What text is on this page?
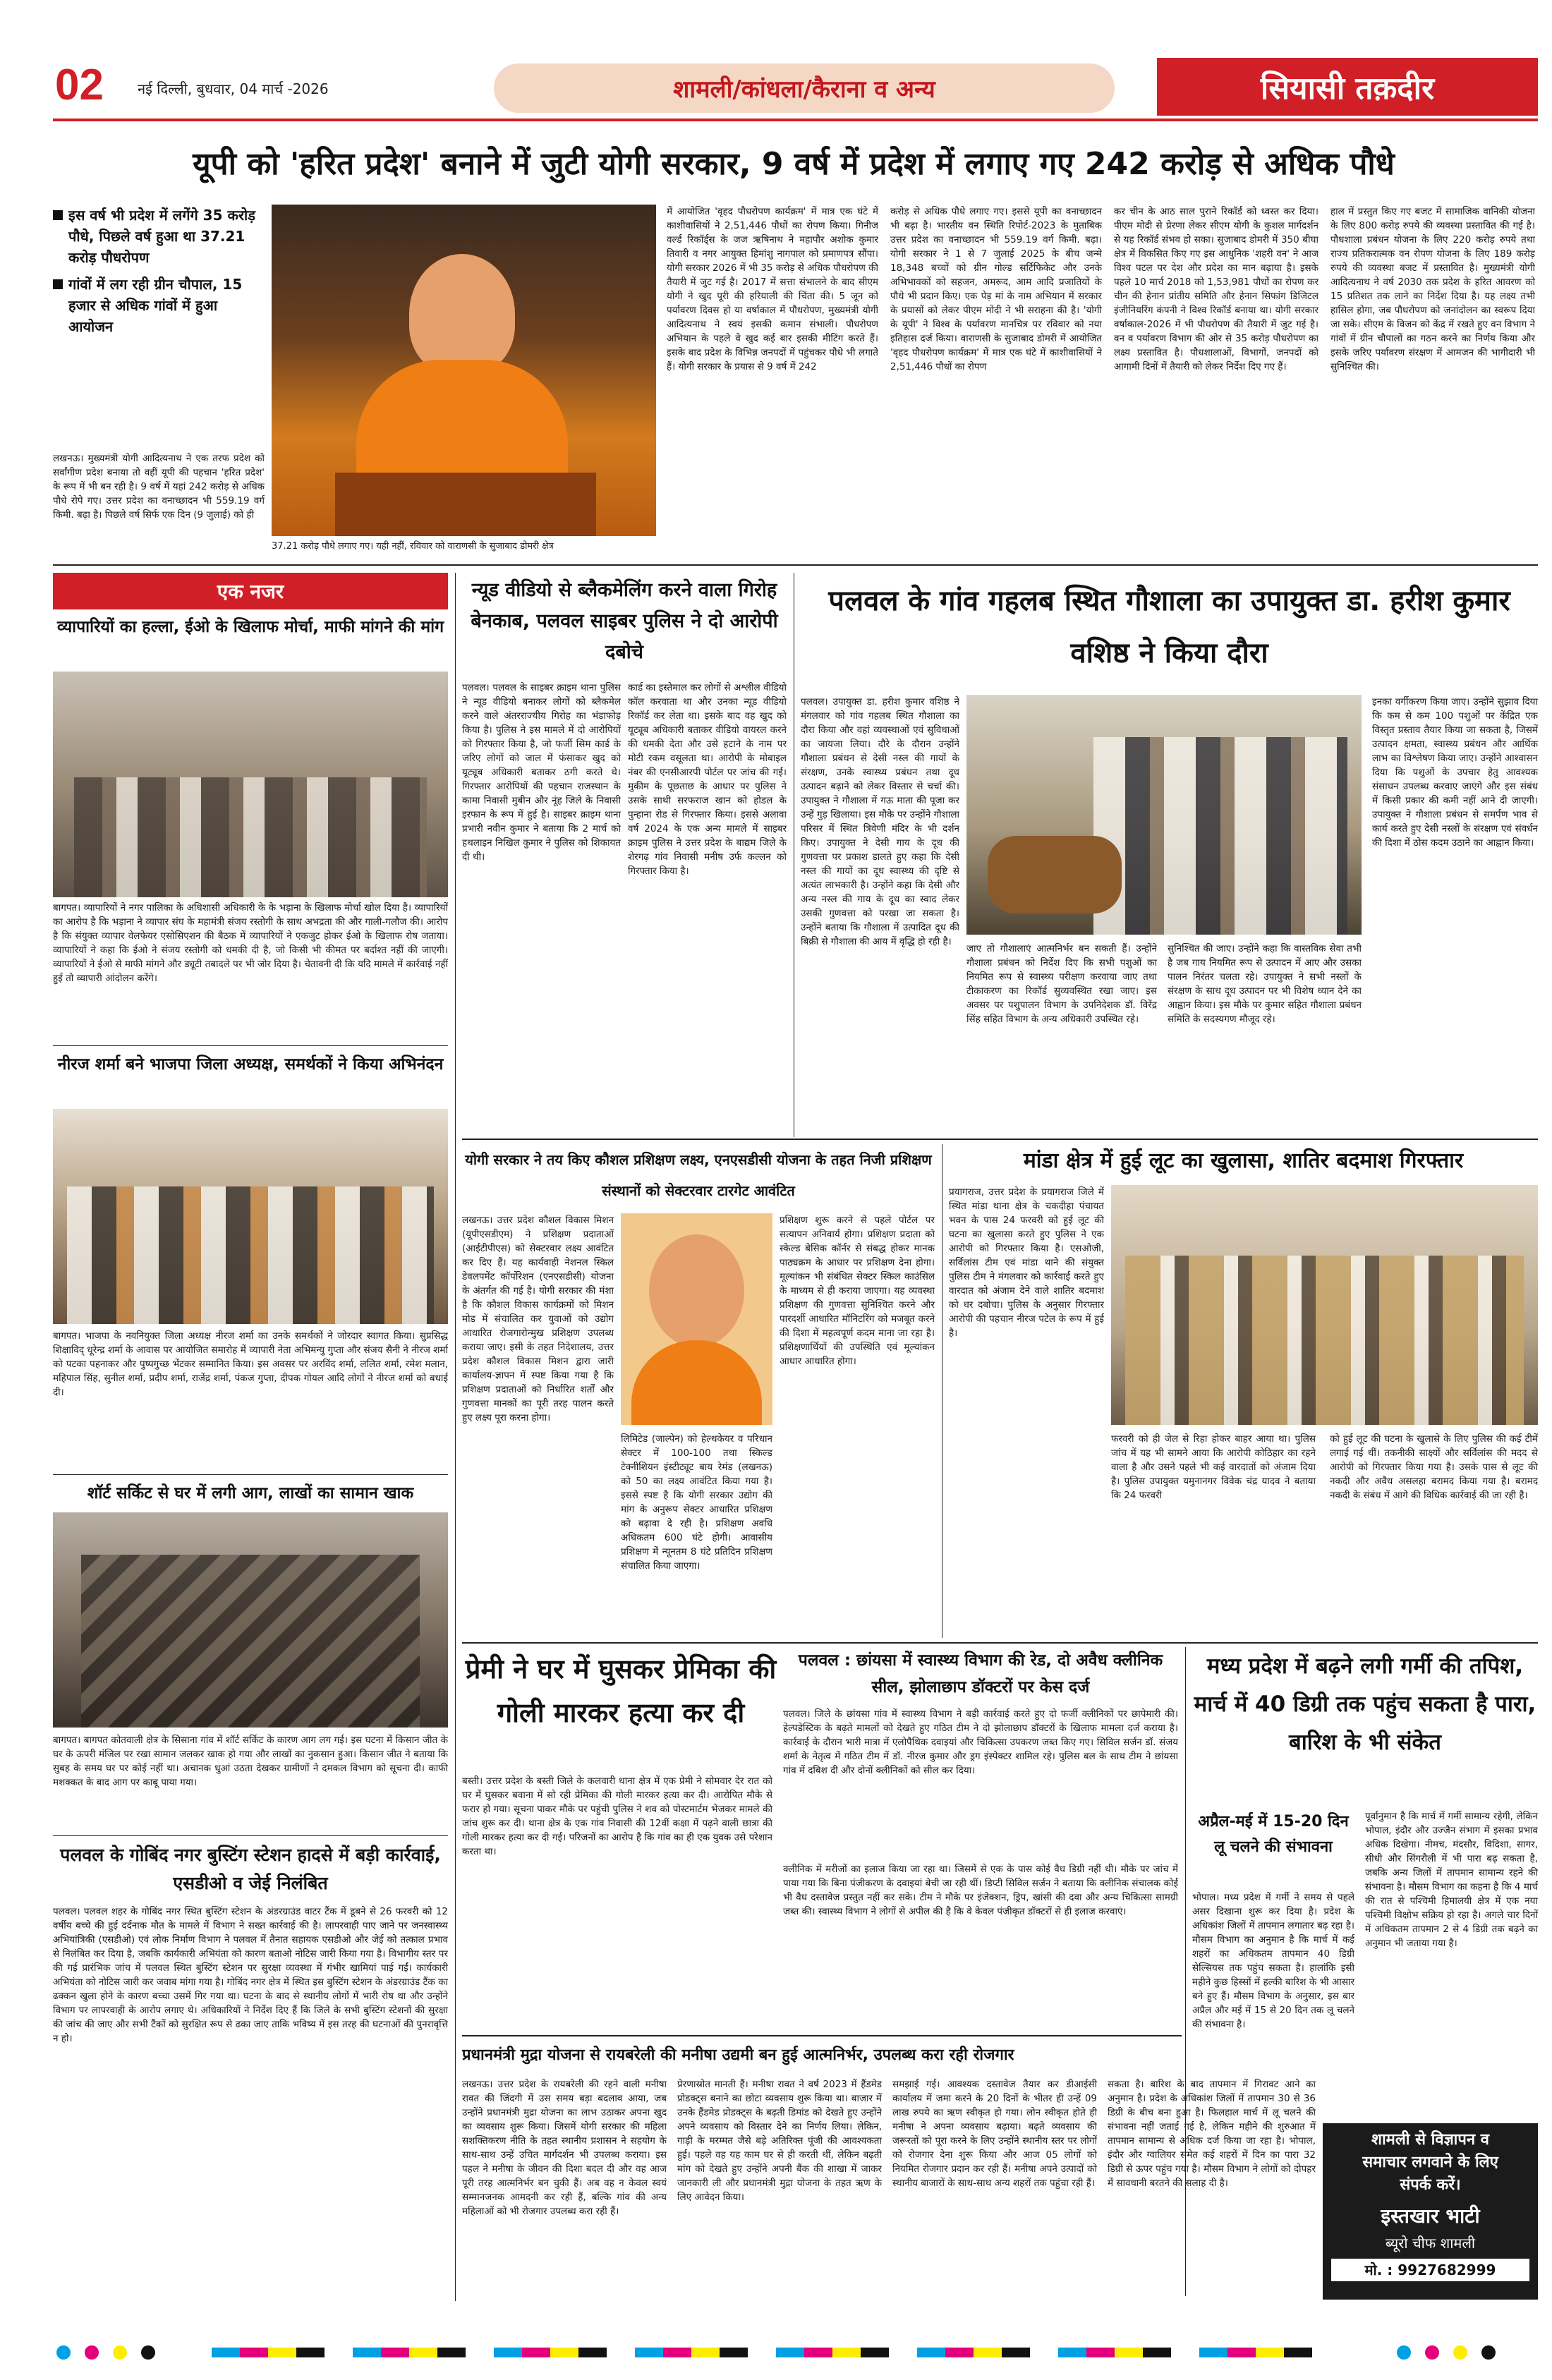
02 नई दिल्ली, बुधवार, 04 मार्च -2026	शामली/कांधला/कैराना व अन्य	सियासी तक़दीर
यूपी को 'हरित प्रदेश' बनाने में जुटी योगी सरकार, 9 वर्ष में प्रदेश में लगाए गए 242 करोड़ से अधिक पौधे
इस वर्ष भी प्रदेश में लगेंगे 35 करोड़ पौधे, पिछले वर्ष हुआ था 37.21 करोड़ पौधरोपण
गांवों में लग रही ग्रीन चौपाल, 15 हजार से अधिक गांवों में हुआ आयोजन
लखनऊ। मुख्यमंत्री योगी आदित्यनाथ ने एक तरफ प्रदेश को सर्वांगीण प्रदेश बनाया तो वहीं यूपी की पहचान 'हरित प्रदेश' के रूप में भी बन रही है। 9 वर्ष में यहां 242 करोड़ से अधिक पौधे रोपे गए। उत्तर प्रदेश का वनाच्छादन भी 559.19 वर्ग किमी. बढ़ा है। पिछले वर्ष सिर्फ एक दिन (9 जुलाई) को ही
37.21 करोड़ पौधे लगाए गए। यही नहीं, रविवार को वाराणसी के सुजाबाद डोमरी क्षेत्र
में आयोजित 'वृहद पौधरोपण कार्यक्रम' में मात्र एक घंटे में काशीवासियों ने 2,51,446 पौधों का रोपण किया। गिनीज वर्ल्ड रिकॉर्ड्स के जज ऋषिनाथ ने महापौर अशोक कुमार तिवारी व नगर आयुक्त हिमांशु नागपाल को प्रमाणपत्र सौंपा। योगी सरकार 2026 में भी 35 करोड़ से अधिक पौधरोपण की तैयारी में जुट गई है। 2017 में सत्ता संभालने के बाद सीएम योगी ने खुद पूरी की हरियाली की चिंता की। 5 जून को पर्यावरण दिवस हो या वर्षाकाल में पौधरोपण, मुख्यमंत्री योगी आदित्यनाथ ने स्वयं इसकी कमान संभाली। पौधरोपण अभियान के पहले वे खुद कई बार इसकी मीटिंग करते हैं। इसके बाद प्रदेश के विभिन्न जनपदों में पहुंचकर पौधे भी लगाते हैं। योगी सरकार के प्रयास से 9 वर्ष में 242
करोड़ से अधिक पौधे लगाए गए। इससे यूपी का वनाच्छादन भी बढ़ा है। भारतीय वन स्थिति रिपोर्ट-2023 के मुताबिक उत्तर प्रदेश का वनाच्छादन भी 559.19 वर्ग किमी. बढ़ा। योगी सरकार ने 1 से 7 जुलाई 2025 के बीच जन्मे 18,348 बच्चों को ग्रीन गोल्ड सर्टिफिकेट और उनके अभिभावकों को सहजन, अमरूद, आम आदि प्रजातियों के पौधे भी प्रदान किए। एक पेड़ मां के नाम अभियान में सरकार के प्रयासों को लेकर पीएम मोदी ने भी सराहना की है। 'योगी के यूपी' ने विश्व के पर्यावरण मानचित्र पर रविवार को नया इतिहास दर्ज किया। वाराणसी के सुजाबाद डोमरी में आयोजित 'वृहद पौधरोपण कार्यक्रम' में मात्र एक घंटे में काशीवासियों ने 2,51,446 पौधों का रोपण
कर चीन के आठ साल पुराने रिकॉर्ड को ध्वस्त कर दिया। पीएम मोदी से प्रेरणा लेकर सीएम योगी के कुशल मार्गदर्शन से यह रिकॉर्ड संभव हो सका। सुजाबाद डोमरी में 350 बीघा क्षेत्र में विकसित किए गए इस आधुनिक 'शहरी वन' ने आज विश्व पटल पर देश और प्रदेश का मान बढ़ाया है। इसके पहले 10 मार्च 2018 को 1,53,981 पौधों का रोपण कर चीन की हेनान प्रांतीय समिति और हेनान सिफांग डिजिटल इंजीनियरिंग कंपनी ने विश्व रिकॉर्ड बनाया था। योगी सरकार वर्षाकाल-2026 में भी पौधरोपण की तैयारी में जुट गई है। वन व पर्यावरण विभाग की ओर से 35 करोड़ पौधरोपण का लक्ष्य प्रस्तावित है। पौधशालाओं, विभागों, जनपदों को आगामी दिनों में तैयारी को लेकर निर्देश दिए गए हैं।
हाल में प्रस्तुत किए गए बजट में सामाजिक वानिकी योजना के लिए 800 करोड़ रुपये की व्यवस्था प्रस्तावित की गई है। पौधशाला प्रबंधन योजना के लिए 220 करोड़ रुपये तथा राज्य प्रतिकरात्मक वन रोपण योजना के लिए 189 करोड़ रुपये की व्यवस्था बजट में प्रस्तावित है। मुख्यमंत्री योगी आदित्यनाथ ने वर्ष 2030 तक प्रदेश के हरित आवरण को 15 प्रतिशत तक लाने का निर्देश दिया है। यह लक्ष्य तभी हासिल होगा, जब पौधरोपण को जनांदोलन का स्वरूप दिया जा सके। सीएम के विजन को केंद्र में रखते हुए वन विभाग ने गांवों में ग्रीन चौपालों का गठन करने का निर्णय किया और इसके जरिए पर्यावरण संरक्षण में आमजन की भागीदारी भी सुनिश्चित की।
एक नजर
व्यापारियों का हल्ला, ईओ के खिलाफ मोर्चा, माफी मांगने की मांग
बागपत। व्यापारियों ने नगर पालिका के अधिशासी अधिकारी के के भड़ाना के खिलाफ मोर्चा खोल दिया है। व्यापारियों का आरोप है कि भड़ाना ने व्यापार संघ के महामंत्री संजय रस्तोगी के साथ अभद्रता की और गाली-गलौज की। आरोप है कि संयुक्त व्यापार वेलफेयर एसोसिएशन की बैठक में व्यापारियों ने एकजुट होकर ईओ के खिलाफ रोष जताया। व्यापारियों ने कहा कि ईओ ने संजय रस्तोगी को धमकी दी है, जो किसी भी कीमत पर बर्दाश्त नहीं की जाएगी। व्यापारियों ने ईओ से माफी मांगने और ड्यूटी तबादले पर भी जोर दिया है। चेतावनी दी कि यदि मामले में कार्रवाई नहीं हुई तो व्यापारी आंदोलन करेंगे।
नीरज शर्मा बने भाजपा जिला अध्यक्ष, समर्थकों ने किया अभिनंदन
बागपत। भाजपा के नवनियुक्त जिला अध्यक्ष नीरज शर्मा का उनके समर्थकों ने जोरदार स्वागत किया। सुप्रसिद्ध शिक्षाविद् धूरेन्द्र शर्मा के आवास पर आयोजित समारोह में व्यापारी नेता अभिमन्यु गुप्ता और संजय सैनी ने नीरज शर्मा को पटका पहनाकर और पुष्पगुच्छ भेंटकर सम्मानित किया। इस अवसर पर अरविंद शर्मा, ललित शर्मा, रमेश मलान, महिपाल सिंह, सुनील शर्मा, प्रदीप शर्मा, राजेंद्र शर्मा, पंकज गुप्ता, दीपक गोयल आदि लोगों ने नीरज शर्मा को बधाई दी।
शॉर्ट सर्किट से घर में लगी आग, लाखों का सामान खाक
बागपत। बागपत कोतवाली क्षेत्र के सिसाना गांव में शॉर्ट सर्किट के कारण आग लग गई। इस घटना में किसान जीत के घर के ऊपरी मंजिल पर रखा सामान जलकर खाक हो गया और लाखों का नुकसान हुआ। किसान जीत ने बताया कि सुबह के समय घर पर कोई नहीं था। अचानक धुआं उठता देखकर ग्रामीणों ने दमकल विभाग को सूचना दी। काफी मशक्कत के बाद आग पर काबू पाया गया।
पलवल के गोबिंद नगर बुस्टिंग स्टेशन हादसे में बड़ी कार्रवाई, एसडीओ व जेई निलंबित
पलवल। पलवल शहर के गोबिंद नगर स्थित बुस्टिंग स्टेशन के अंडरग्राउंड वाटर टैंक में डूबने से 26 फरवरी को 12 वर्षीय बच्चे की हुई दर्दनाक मौत के मामले में विभाग ने सख्त कार्रवाई की है। लापरवाही पाए जाने पर जनस्वास्थ्य अभियांत्रिकी (एसडीओ) एवं लोक निर्माण विभाग ने पलवल में तैनात सहायक एसडीओ और जेई को तत्काल प्रभाव से निलंबित कर दिया है, जबकि कार्यकारी अभियंता को कारण बताओ नोटिस जारी किया गया है। विभागीय स्तर पर की गई प्रारंभिक जांच में पलवल स्थित बुस्टिंग स्टेशन पर सुरक्षा व्यवस्था में गंभीर खामियां पाई गईं। कार्यकारी अभियंता को नोटिस जारी कर जवाब मांगा गया है। गोबिंद नगर क्षेत्र में स्थित इस बुस्टिंग स्टेशन के अंडरग्राउंड टैंक का ढक्कन खुला होने के कारण बच्चा उसमें गिर गया था। घटना के बाद से स्थानीय लोगों में भारी रोष था और उन्होंने विभाग पर लापरवाही के आरोप लगाए थे। अधिकारियों ने निर्देश दिए हैं कि जिले के सभी बुस्टिंग स्टेशनों की सुरक्षा की जांच की जाए और सभी टैंकों को सुरक्षित रूप से ढका जाए ताकि भविष्य में इस तरह की घटनाओं की पुनरावृत्ति न हो।
न्यूड वीडियो से ब्लैकमेलिंग करने वाला गिरोह बेनकाब, पलवल साइबर पुलिस ने दो आरोपी दबोचे
पलवल। पलवल के साइबर क्राइम थाना पुलिस ने न्यूड वीडियो बनाकर लोगों को ब्लैकमेल करने वाले अंतरराज्यीय गिरोह का भंडाफोड़ किया है। पुलिस ने इस मामले में दो आरोपियों को गिरफ्तार किया है, जो फर्जी सिम कार्ड के जरिए लोगों को जाल में फंसाकर खुद को यूट्यूब अधिकारी बताकर ठगी करते थे। गिरफ्तार आरोपियों की पहचान राजस्थान के कामा निवासी मुबीन और नूंह जिले के निवासी इरफान के रूप में हुई है। साइबर क्राइम थाना प्रभारी नवीन कुमार ने बताया कि 2 मार्च को हथलाइन निखिल कुमार ने पुलिस को शिकायत दी थी।
कार्ड का इस्तेमाल कर लोगों से अश्लील वीडियो कॉल करवाता था और उनका न्यूड वीडियो रिकॉर्ड कर लेता था। इसके बाद वह खुद को यूट्यूब अधिकारी बताकर वीडियो वायरल करने की धमकी देता और उसे हटाने के नाम पर मोटी रकम वसूलता था। आरोपी के मोबाइल नंबर की एनसीआरपी पोर्टल पर जांच की गई। मुकीम के पूछताछ के आधार पर पुलिस ने उसके साथी सरफराज खान को होडल के पुन्हाना रोड से गिरफ्तार किया। इससे अलावा वर्ष 2024 के एक अन्य मामले में साइबर क्राइम पुलिस ने उत्तर प्रदेश के बाद्यम जिले के शेरगढ़ गांव निवासी मनीष उर्फ कल्लन को गिरफ्तार किया है।
पलवल के गांव गहलब स्थित गौशाला का उपायुक्त डा. हरीश कुमार वशिष्ठ ने किया दौरा
पलवल। उपायुक्त डा. हरीश कुमार वशिष्ठ ने मंगलवार को गांव गहलब स्थित गौशाला का दौरा किया और वहां व्यवस्थाओं एवं सुविधाओं का जायजा लिया। दौरे के दौरान उन्होंने गौशाला प्रबंधन से देसी नस्ल की गायों के संरक्षण, उनके स्वास्थ्य प्रबंधन तथा दूध उत्पादन बढ़ाने को लेकर विस्तार से चर्चा की। उपायुक्त ने गौशाला में गऊ माता की पूजा कर उन्हें गुड़ खिलाया। इस मौके पर उन्होंने गौशाला परिसर में स्थित त्रिवेणी मंदिर के भी दर्शन किए। उपायुक्त ने देसी गाय के दूध की गुणवत्ता पर प्रकाश डालते हुए कहा कि देसी नस्ल की गायों का दूध स्वास्थ्य की दृष्टि से अत्यंत लाभकारी है। उन्होंने कहा कि देसी और अन्य नस्ल की गाय के दूध का स्वाद लेकर उसकी गुणवत्ता को परखा जा सकता है। उन्होंने बताया कि गौशाला में उत्पादित दूध की बिक्री से गौशाला की आय में वृद्धि हो रही है।
जाए तो गौशालाएं आत्मनिर्भर बन सकती हैं। उन्होंने गौशाला प्रबंधन को निर्देश दिए कि सभी पशुओं का नियमित रूप से स्वास्थ्य परीक्षण करवाया जाए तथा टीकाकरण का रिकॉर्ड सुव्यवस्थित रखा जाए। इस अवसर पर पशुपालन विभाग के उपनिदेशक डॉ. विरेंद्र सिंह सहित विभाग के अन्य अधिकारी उपस्थित रहे।
सुनिश्चित की जाए। उन्होंने कहा कि वास्तविक सेवा तभी है जब गाय नियमित रूप से उत्पादन में आए और उसका पालन निरंतर चलता रहे। उपायुक्त ने सभी नस्लों के संरक्षण के साथ दूध उत्पादन पर भी विशेष ध्यान देने का आह्वान किया। इस मौके पर कुमार सहित गौशाला प्रबंधन समिति के सदस्यगण मौजूद रहे।
इनका वर्गीकरण किया जाए। उन्होंने सुझाव दिया कि कम से कम 100 पशुओं पर केंद्रित एक विस्तृत प्रस्ताव तैयार किया जा सकता है, जिसमें उत्पादन क्षमता, स्वास्थ्य प्रबंधन और आर्थिक लाभ का विश्लेषण किया जाए। उन्होंने आश्वासन दिया कि पशुओं के उपचार हेतु आवश्यक संसाधन उपलब्ध करवाए जाएंगे और इस संबंध में किसी प्रकार की कमी नहीं आने दी जाएगी। उपायुक्त ने गौशाला प्रबंधन से समर्पण भाव से कार्य करते हुए देसी नस्लों के संरक्षण एवं संवर्धन की दिशा में ठोस कदम उठाने का आह्वान किया।
योगी सरकार ने तय किए कौशल प्रशिक्षण लक्ष्य, एनएसडीसी योजना के तहत निजी प्रशिक्षण संस्थानों को सेक्टरवार टारगेट आवंटित
लखनऊ। उत्तर प्रदेश कौशल विकास मिशन (यूपीएसडीएम) ने प्रशिक्षण प्रदाताओं (आईटीपीएस) को सेक्टरवार लक्ष्य आवंटित कर दिए हैं। यह कार्यवाही नेशनल स्किल डेवलपमेंट कॉर्पोरेशन (एनएसडीसी) योजना के अंतर्गत की गई है। योगी सरकार की मंशा है कि कौशल विकास कार्यक्रमों को मिशन मोड में संचालित कर युवाओं को उद्योग आधारित रोजगारोन्मुख प्रशिक्षण उपलब्ध कराया जाए। इसी के तहत निदेशालय, उत्तर प्रदेश कौशल विकास मिशन द्वारा जारी कार्यालय-ज्ञापन में स्पष्ट किया गया है कि प्रशिक्षण प्रदाताओं को निर्धारित शर्तों और गुणवत्ता मानकों का पूरी तरह पालन करते हुए लक्ष्य पूरा करना होगा।
लिमिटेड (जाल्पेन) को हेल्थकेयर व परिधान सेक्टर में 100-100 तथा स्किल्ड टेक्नीशियन इंस्टीट्यूट बाय रेमंड (लखनऊ) को 50 का लक्ष्य आवंटित किया गया है। इससे स्पष्ट है कि योगी सरकार उद्योग की मांग के अनुरूप सेक्टर आधारित प्रशिक्षण को बढ़ावा दे रही है। प्रशिक्षण अवधि अधिकतम 600 घंटे होगी। आवासीय प्रशिक्षण में न्यूनतम 8 घंटे प्रतिदिन प्रशिक्षण संचालित किया जाएगा।
प्रशिक्षण शुरू करने से पहले पोर्टल पर सत्यापन अनिवार्य होगा। प्रशिक्षण प्रदाता को स्केल्ड बेसिक कॉर्नर से संबद्ध होकर मानक पाठ्यक्रम के आधार पर प्रशिक्षण देना होगा। मूल्यांकन भी संबंधित सेक्टर स्किल काउंसिल के माध्यम से ही कराया जाएगा। यह व्यवस्था प्रशिक्षण की गुणवत्ता सुनिश्चित करने और पारदर्शी आधारित मॉनिटरिंग को मजबूत करने की दिशा में महत्वपूर्ण कदम माना जा रहा है। प्रशिक्षणार्थियों की उपस्थिति एवं मूल्यांकन आधार आधारित होगा।
मांडा क्षेत्र में हुई लूट का खुलासा, शातिर बदमाश गिरफ्तार
प्रयागराज, उत्तर प्रदेश के प्रयागराज जिले में स्थित मांडा थाना क्षेत्र के चकदीहा पंचायत भवन के पास 24 फरवरी को हुई लूट की घटना का खुलासा करते हुए पुलिस ने एक आरोपी को गिरफ्तार किया है। एसओजी, सर्विलांस टीम एवं मांडा थाने की संयुक्त पुलिस टीम ने मंगलवार को कार्रवाई करते हुए वारदात को अंजाम देने वाले शातिर बदमाश को धर दबोचा। पुलिस के अनुसार गिरफ्तार आरोपी की पहचान नीरज पटेल के रूप में हुई है।
फरवरी को ही जेल से रिहा होकर बाहर आया था। पुलिस जांच में यह भी सामने आया कि आरोपी कोठिहार का रहने वाला है और उसने पहले भी कई वारदातों को अंजाम दिया है। पुलिस उपायुक्त यमुनानगर विवेक चंद्र यादव ने बताया कि 24 फरवरी
को हुई लूट की घटना के खुलासे के लिए पुलिस की कई टीमें लगाई गई थीं। तकनीकी साक्ष्यों और सर्विलांस की मदद से आरोपी को गिरफ्तार किया गया है। उसके पास से लूट की नकदी और अवैध असलहा बरामद किया गया है। बरामद नकदी के संबंध में आगे की विधिक कार्रवाई की जा रही है।
प्रेमी ने घर में घुसकर प्रेमिका की गोली मारकर हत्या कर दी
बस्ती। उत्तर प्रदेश के बस्ती जिले के कलवारी थाना क्षेत्र में एक प्रेमी ने सोमवार देर रात को घर में घुसकर बवाना में सो रही प्रेमिका की गोली मारकर हत्या कर दी। आरोपित मौके से फरार हो गया। सूचना पाकर मौके पर पहुंची पुलिस ने शव को पोस्टमार्टम भेजकर मामले की जांच शुरू कर दी। थाना क्षेत्र के एक गांव निवासी की 12वीं कक्षा में पढ़ने वाली छात्रा की गोली मारकर हत्या कर दी गई। परिजनों का आरोप है कि गांव का ही एक युवक उसे परेशान करता था।
पलवल : छांयसा में स्वास्थ्य विभाग की रेड, दो अवैध क्लीनिक सील, झोलाछाप डॉक्टरों पर केस दर्ज
पलवल। जिले के छांयसा गांव में स्वास्थ्य विभाग ने बड़ी कार्रवाई करते हुए दो फर्जी क्लीनिकों पर छापेमारी की। हेल्पडेस्टिक के बढ़ते मामलों को देखते हुए गठित टीम ने दो झोलाछाप डॉक्टरों के खिलाफ मामला दर्ज कराया है। कार्रवाई के दौरान भारी मात्रा में एलोपैथिक दवाइयां और चिकित्सा उपकरण जब्त किए गए। सिविल सर्जन डॉ. संजय शर्मा के नेतृत्व में गठित टीम में डॉ. नीरज कुमार और ड्रग इंस्पेक्टर शामिल रहे। पुलिस बल के साथ टीम ने छांयसा गांव में दबिश दी और दोनों क्लीनिकों को सील कर दिया।
क्लीनिक में मरीजों का इलाज किया जा रहा था। जिसमें से एक के पास कोई वैध डिग्री नहीं थी। मौके पर जांच में पाया गया कि बिना पंजीकरण के दवाइयां बेची जा रही थीं। डिप्टी सिविल सर्जन ने बताया कि क्लीनिक संचालक कोई भी वैध दस्तावेज प्रस्तुत नहीं कर सके। टीम ने मौके पर इंजेक्शन, ड्रिप, खांसी की दवा और अन्य चिकित्सा सामग्री जब्त की। स्वास्थ्य विभाग ने लोगों से अपील की है कि वे केवल पंजीकृत डॉक्टरों से ही इलाज करवाएं।
मध्य प्रदेश में बढ़ने लगी गर्मी की तपिश, मार्च में 40 डिग्री तक पहुंच सकता है पारा, बारिश के भी संकेत
अप्रैल-मई में 15-20 दिन लू चलने की संभावना
भोपाल। मध्य प्रदेश में गर्मी ने समय से पहले असर दिखाना शुरू कर दिया है। प्रदेश के अधिकांश जिलों में तापमान लगातार बढ़ रहा है। मौसम विभाग का अनुमान है कि मार्च में कई शहरों का अधिकतम तापमान 40 डिग्री सेल्सियस तक पहुंच सकता है। हालांकि इसी महीने कुछ हिस्सों में हल्की बारिश के भी आसार बने हुए हैं। मौसम विभाग के अनुसार, इस बार अप्रैल और मई में 15 से 20 दिन तक लू चलने की संभावना है।
पूर्वानुमान है कि मार्च में गर्मी सामान्य रहेगी, लेकिन भोपाल, इंदौर और उज्जैन संभाग में इसका प्रभाव अधिक दिखेगा। नीमच, मंदसौर, विदिशा, सागर, सीधी और सिंगरौली में भी पारा बढ़ सकता है, जबकि अन्य जिलों में तापमान सामान्य रहने की संभावना है। मौसम विभाग का कहना है कि 4 मार्च की रात से पश्चिमी हिमालयी क्षेत्र में एक नया पश्चिमी विक्षोभ सक्रिय हो रहा है। अगले चार दिनों में अधिकतम तापमान 2 से 4 डिग्री तक बढ़ने का अनुमान भी जताया गया है।
शामली से विज्ञापन व
समाचार लगवाने के लिए
संपर्क करें।
इस्तखार भाटी
ब्यूरो चीफ शामली
मो. : 9927682999
प्रधानमंत्री मुद्रा योजना से रायबरेली की मनीषा उद्यमी बन हुई आत्मनिर्भर, उपलब्ध करा रही रोजगार
लखनऊ। उत्तर प्रदेश के रायबरेली की रहने वाली मनीषा रावत की जिंदगी में उस समय बड़ा बदलाव आया, जब उन्होंने प्रधानमंत्री मुद्रा योजना का लाभ उठाकर अपना खुद का व्यवसाय शुरू किया। जिसमें योगी सरकार की महिला सशक्तिकरण नीति के तहत स्थानीय प्रशासन ने सहयोग के साथ-साथ उन्हें उचित मार्गदर्शन भी उपलब्ध कराया। इस पहल ने मनीषा के जीवन की दिशा बदल दी और वह आज पूरी तरह आत्मनिर्भर बन चुकी हैं। अब वह न केवल स्वयं सम्मानजनक आमदनी कर रही हैं, बल्कि गांव की अन्य महिलाओं को भी रोजगार उपलब्ध करा रही हैं।
प्रेरणास्रोत मानती हैं। मनीषा रावत ने वर्ष 2023 में हैंडमेड प्रोडक्ट्स बनाने का छोटा व्यवसाय शुरू किया था। बाजार में उनके हैंडमेड प्रोडक्ट्स के बढ़ती डिमांड को देखते हुए उन्होंने अपने व्यवसाय को विस्तार देने का निर्णय लिया। लेकिन, गाड़ी के मरम्मत जैसे बड़े अतिरिक्त पूंजी की आवश्यकता हुई। पहले वह यह काम घर से ही करती थीं, लेकिन बढ़ती मांग को देखते हुए उन्होंने अपनी बैंक की शाखा में जाकर जानकारी ली और प्रधानमंत्री मुद्रा योजना के तहत ऋण के लिए आवेदन किया।
समझाई गई। आवश्यक दस्तावेज तैयार कर डीआईसी कार्यालय में जमा करने के 20 दिनों के भीतर ही उन्हें 09 लाख रुपये का ऋण स्वीकृत हो गया। लोन स्वीकृत होते ही मनीषा ने अपना व्यवसाय बढ़ाया। बढ़ते व्यवसाय की जरूरतों को पूरा करने के लिए उन्होंने स्थानीय स्तर पर लोगों को रोजगार देना शुरू किया और आज 05 लोगों को नियमित रोजगार प्रदान कर रही हैं। मनीषा अपने उत्पादों को स्थानीय बाजारों के साथ-साथ अन्य शहरों तक पहुंचा रही हैं।
सकता है। बारिश के बाद तापमान में गिरावट आने का अनुमान है। प्रदेश के अधिकांश जिलों में तापमान 30 से 36 डिग्री के बीच बना हुआ है। फिलहाल मार्च में लू चलने की संभावना नहीं जताई गई है, लेकिन महीने की शुरुआत में तापमान सामान्य से अधिक दर्ज किया जा रहा है। भोपाल, इंदौर और ग्वालियर समेत कई शहरों में दिन का पारा 32 डिग्री से ऊपर पहुंच गया है। मौसम विभाग ने लोगों को दोपहर में सावधानी बरतने की सलाह दी है।
